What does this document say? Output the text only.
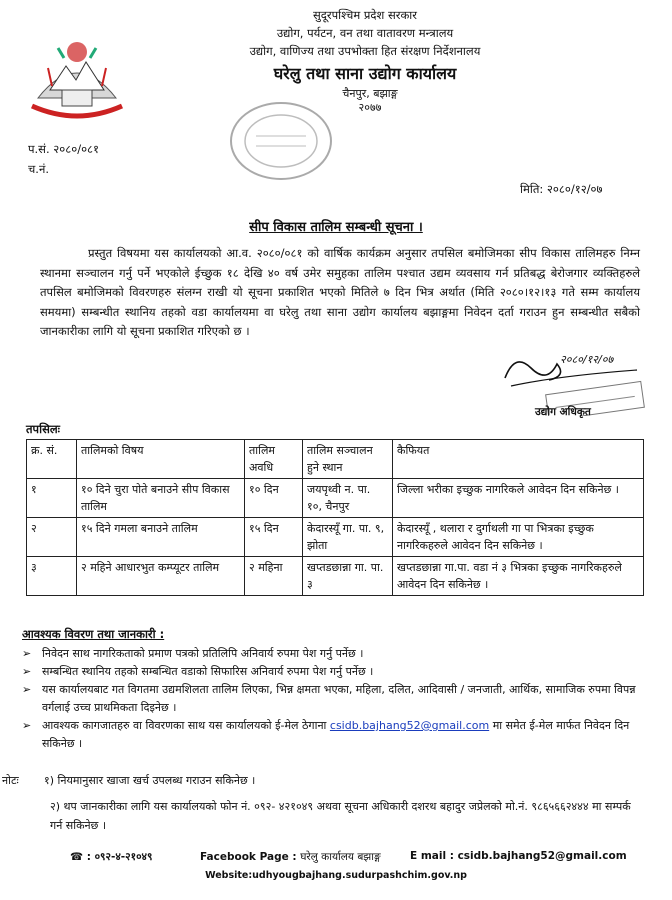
सुदूरपश्चिम प्रदेश सरकार
उद्योग, पर्यटन, वन तथा वातावरण मन्त्रालय
उद्योग, वाणिज्य तथा उपभोक्ता हित संरक्षण निर्देशनालय
घरेलु तथा साना उद्योग कार्यालय
चैनपुर, बझाङ्ग
२०७७
प.सं. २०८०/०८१
च.नं.
मिति: २०८०/१२/०७
सीप विकास तालिम सम्बन्धी सूचना ।
प्रस्तुत विषयमा यस कार्यालयको आ.व. २०८०/०८१ को वार्षिक कार्यक्रम अनुसार तपसिल बमोजिमका सीप विकास तालिमहरु निम्न स्थानमा सञ्चालन गर्नु पर्ने भएकोले ईच्छुक १८ देखि ४० वर्ष उमेर समुहका तालिम पश्चात उद्यम व्यवसाय गर्न प्रतिबद्ध बेरोजगार व्यक्तिहरुले तपसिल बमोजिमको विवरणहरु संलग्न राखी यो सूचना प्रकाशित भएको मितिले ७ दिन भित्र अर्थात (मिति २०८०।१२।१३ गते सम्म कार्यालय समयमा) सम्बन्धीत स्थानिय तहको वडा कार्यालयमा वा घरेलु तथा साना उद्योग कार्यालय बझाङ्गमा निवेदन दर्ता गराउन हुन सम्बन्धीत सबैको जानकारीका लागि यो सूचना प्रकाशित गरिएको छ ।
२०८०/१२/०७
उद्योग अधिकृत
तपसिलः
क्र. सं.	तालिमको विषय	तालिम अवधि	तालिम सञ्चालन हुने स्थान	कैफियत
१	१० दिने चुरा पोते बनाउने सीप विकास तालिम	१० दिन	जयपृथ्वी न. पा. १०, चैनपुर	जिल्ला भरीका इच्छुक नागरिकले आवेदन दिन सकिनेछ ।
२	१५ दिने गमला बनाउने तालिम	१५ दिन	केदारस्यूँ गा. पा. ९, झोता	केदारस्यूँ , थलारा र दुर्गाथली गा पा भित्रका इच्छुक नागरिकहरुले आवेदन दिन सकिनेछ ।
३	२ महिने आधारभुत कम्प्यूटर तालिम	२ महिना	खप्तडछान्ना गा. पा. ३	खप्तडछान्ना गा.पा. वडा नं ३ भित्रका इच्छुक नागरिकहरुले आवेदन दिन सकिनेछ ।
आवश्यक विवरण तथा जानकारी :
➢ निवेदन साथ नागरिकताको प्रमाण पत्रको प्रतिलिपि अनिवार्य रुपमा पेश गर्नु पर्नेछ ।
➢ सम्बन्धित स्थानिय तहको सम्बन्धित वडाको सिफारिस अनिवार्य रुपमा पेश गर्नु पर्नेछ ।
➢ यस कार्यालयबाट गत विगतमा उद्यमशिलता तालिम लिएका, भिन्न क्षमता भएका, महिला, दलित, आदिवासी / जनजाती, आर्थिक, सामाजिक रुपमा विपन्न वर्गलाई उच्च प्राथमिकता दिइनेछ ।
➢ आवश्यक कागजातहरु वा विवरणका साथ यस कार्यालयको ई-मेल ठेगाना csidb.bajhang52@gmail.com मा समेत ई-मेल मार्फत निवेदन दिन सकिनेछ ।
नोटः १) नियमानुसार खाजा खर्च उपलब्ध गराउन सकिनेछ ।
२) थप जानकारीका लागि यस कार्यालयको फोन नं. ०९२- ४२१०४९ अथवा सूचना अधिकारी दशरथ बहादुर जप्रेलको मो.नं. ९८६५६६२४४४ मा सम्पर्क गर्न सकिनेछ ।
☎ : ०९२-४-२१०४९	Facebook Page : घरेलु कार्यालय बझाङ्ग	E mail : csidb.bajhang52@gmail.com
Website:udhyougbajhang.sudurpashchim.gov.np
